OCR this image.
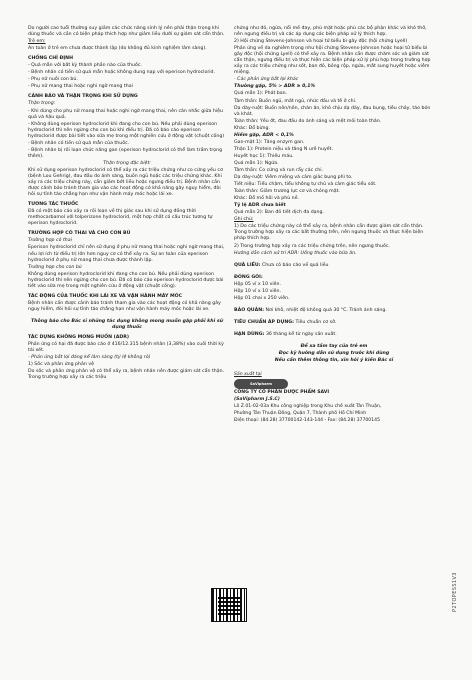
Do người cao tuổi thường suy giảm các chức năng sinh lý nên phải thận trọng khi dùng thuốc và cần có biện pháp thích hợp như giảm liều dưới sự giám sát cẩn thận.

Trẻ em:

An toàn ở trẻ em chưa được thành lập (do không đủ kinh nghiệm lâm sàng).

CHỐNG CHỈ ĐỊNH

- Quá mẫn với bất kỳ thành phần nào của thuốc.

- Bệnh nhân có tiền sử quá mẫn hoặc không dung nạp với eperison hydroclorid.

- Phụ nữ nuôi con bú.

- Phụ nữ mang thai hoặc nghi ngờ mang thai

CẢNH BÁO VÀ THẬN TRỌNG KHI SỬ DỤNG

Thận trọng:

- Khi dùng cho phụ nữ mang thai hoặc nghi ngờ mang thai, nên cân nhắc giữa hiệu quả và hậu quả.

- Không dùng eperison hydroclorid khi đang cho con bú. Nếu phải dùng eperison hydroclorid thì nên ngừng cho con bú khi điều trị. Đã có báo cáo eperison hydroclorid được bài tiết vào sữa mẹ trong một nghiên cứu ở động vật (chuột cống)

- Bệnh nhân có tiền sử quá mẫn của thuốc.

- Bệnh nhân bị rối loạn chức năng gan (eperison hydroclorid có thể làm trầm trọng thêm).

Thận trọng đặc biệt:

Khi sử dụng eperison hydroclorid có thể xảy ra các triệu chứng như co cứng yếu cơ (bệnh Lou Gehrig), đau đầu do ánh sáng, buồn ngủ hoặc các triệu chứng khác. Khi xảy ra các triệu chứng này, cần giảm bớt liều hoặc ngưng điều trị. Bệnh nhân cần được cảnh báo tránh tham gia vào các hoạt động có khả năng gây nguy hiểm, đòi hỏi sự tỉnh táo chẳng hạn như vận hành máy móc hoặc lái xe.

TƯƠNG TÁC THUỐC

Đã có một báo cáo xảy ra rối loạn về thị giác sau khi sử dụng đồng thời methocarbamol với tolperizone hydroclorid, một hợp chất có cấu trúc tương tự eperison hydroclorid.

TRƯỜNG HỢP CÓ THAI VÀ CHO CON BÚ

Trường hợp có thai

Eperison hydroclorid chỉ nên sử dụng ở phụ nữ mang thai hoặc nghi ngờ mang thai, nếu lợi ích từ điều trị lớn hơn nguy cơ có thể xảy ra. Sự an toàn của eperison hydroclorid ở phụ nữ mang thai chưa được thành lập.

Trường hợp cho con bú

Không dùng eperison hydroclorid khi đang cho con bú. Nếu phải dùng eperison hydroclorid thì nên ngừng cho con bú. Đã có báo cáo eperison hydroclorid được bài tiết vào sữa mẹ trong một nghiên cứu ở động vật (chuột cống).

TÁC ĐỘNG CỦA THUỐC KHI LÁI XE VÀ VẬN HÀNH MÁY MÓC

Bệnh nhân cần được cảnh báo tránh tham gia vào các hoạt động có khả năng gây nguy hiểm, đòi hỏi sự tỉnh táo chẳng hạn như vận hành máy móc hoặc lái xe.

Thông báo cho Bác sĩ những tác dụng không mong muốn gặp phải khi sử dụng thuốc

TÁC DỤNG KHÔNG MONG MUỐN (ADR)

Phản ứng có hại đã được báo cáo ở 416/12.315 bệnh nhân (3,38%) vào cuối thời kỳ tái xét.

- Phản ứng bất lợi đáng kể lâm sàng (tỷ lệ không rõ)

1) Sốc và phản ứng phản vệ

Do sốc và phản ứng phản vệ có thể xảy ra, bệnh nhân nên được giám sát cẩn thận. Trong trường hợp xảy ra các triệu

chứng như đỏ, ngứa, nổi mề đay, phù mặt hoặc phù các bộ phận khác và khó thở, nên ngưng điều trị và các áp dụng các biện pháp xử lý thích hợp.

2) Hội chứng Stevens-Johnson và hoại tử biểu bì gây độc (hội chứng Lyell)

Phản ứng về da nghiêm trọng như hội chứng Stevens-Johnson hoặc hoại tử biểu bì gây độc (hội chứng Lyell) có thể xảy ra. Bệnh nhân cần được chăm sóc và giám sát cẩn thận, ngưng điều trị và thực hiện các biện pháp xử lý phù hợp trong trường hợp xảy ra các triệu chứng như sốt, ban đỏ, bỏng rộp, ngứa, mắt sung huyết hoặc viêm miệng.

- Các phản ứng bất lợi khác

Thường gặp, 5% > ADR ≥ 0,1%

Quá mẫn 1): Phát ban.

Tâm thần: Buồn ngủ, mất ngủ, nhức đầu và tê ở chi.

Dạ dày-ruột: Buồn nôn/nôn, chán ăn, khó chịu dạ dày, đau bụng, tiêu chảy, táo bón và khát.

Toàn thân: Yếu ớt, đau đầu do ánh sáng và mệt mỏi toàn thân.

Khác: Đổ bừng.

Hiếm gặp, ADR < 0,1%

Gan-mật 1): Tăng enzym gan.

Thận 1): Protein niệu và tăng N urê huyết.

Huyết học 1): Thiếu máu.

Quá mẫn 1): Ngứa.

Tâm thần: Co cứng và run rẩy các chi.

Dạ dày-ruột: Viêm miệng và cảm giác bụng phì to.

Tiết niệu: Tiểu chậm, tiểu không tự chủ và cảm giác tiểu sót.

Toàn thân: Giảm trương lực cơ và chóng mặt.

Khác: Đổ mồ hôi và phù nề.

Tỷ lệ ADR chưa biết

Quá mẫn 2): Ban đỏ tiết dịch đa dạng.

Ghi chú:

1) Do các triệu chứng này có thể xảy ra, bệnh nhân cần được giám sát cẩn thận. Trong trường hợp xảy ra các bất thường trên, nên ngưng thuốc và thực hiện biện pháp thích hợp.

2) Trong trường hợp xảy ra các triệu chứng trên, nên ngưng thuốc.

Hướng dẫn cách xử trí ADR: Uống thuốc vào bữa ăn.

QUÁ LIỀU: Chưa có báo cáo về quá liều

ĐÓNG GÓI:

Hộp 05 vỉ x 10 viên.

Hộp 10 vỉ x 10 viên.

Hộp 01 chai x 250 viên.

BẢO QUẢN: Nơi khô, nhiệt độ không quá 30 °C. Tránh ánh sáng.

TIÊU CHUẨN ÁP DỤNG: Tiêu chuẩn cơ sở.

HẠN DÙNG: 36 tháng kể từ ngày sản xuất.

Để xa tầm tay của trẻ em

Đọc kỹ hướng dẫn sử dụng trước khi dùng

Nếu cần thêm thông tin, xin hỏi ý kiến Bác sĩ

Sản xuất tại

SaVipharm

CÔNG TY CỔ PHẦN DƯỢC PHẨM SAVI

(SaVipharm J.S.C)

Lô Z.01-02-03a Khu công nghiệp trong Khu chế xuất Tân Thuận,

Phường Tân Thuận Đông, Quận 7, Thành phố Hồ Chí Minh

Điện thoại: (84.28) 37700142-143-144 - Fax: (84.28) 37700145

P2TOPESS1V3
